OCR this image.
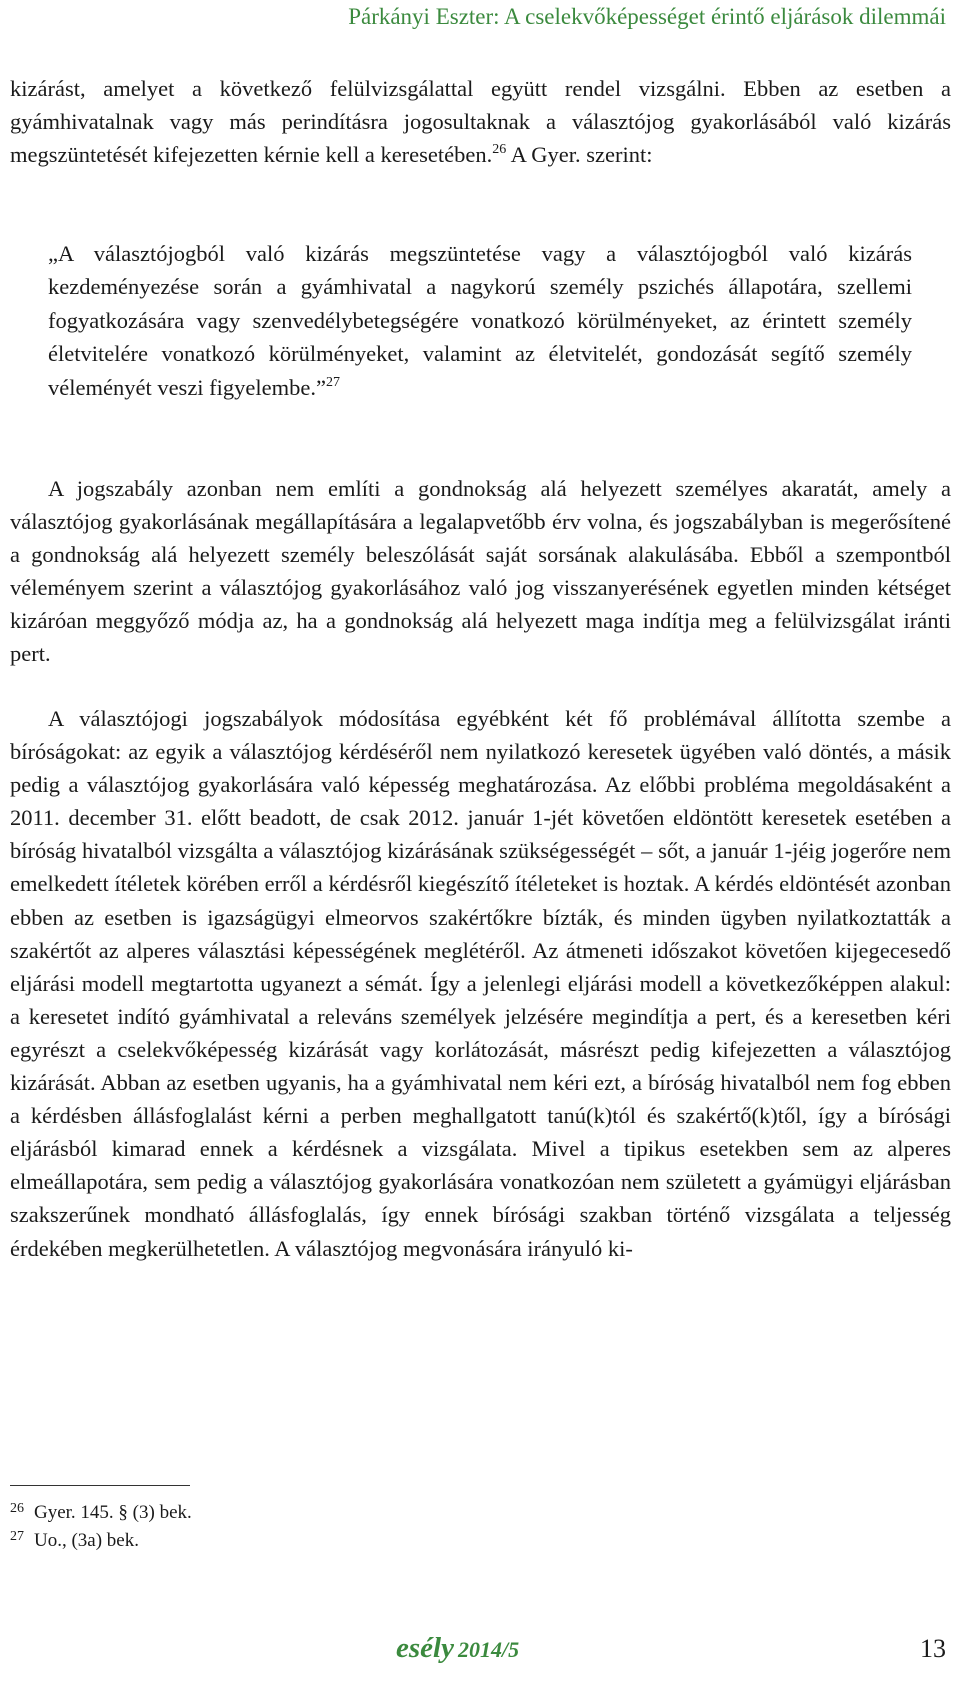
Párkányi Eszter: A cselekvőképességet érintő eljárások dilemmái

kizárást, amelyet a következő felülvizsgálattal együtt rendel vizsgálni. Ebben az esetben a gyámhivatalnak vagy más perindításra jogosultaknak a választójog gyakorlásából való kizárás megszüntetését kifejezetten kérnie kell a keresetében.$^{26}$ A Gyer. szerint:

„A választójogból való kizárás megszüntetése vagy a választójogból való kizárás kezdeményezése során a gyámhivatal a nagykorú személy pszichés állapotára, szellemi fogyatkozására vagy szenvedélybetegségére vonatkozó körülményeket, az érintett személy életvitelére vonatkozó körülményeket, valamint az életvitelét, gondozását segítő személy véleményét veszi figyelembe.”$^{27}$

A jogszabály azonban nem említi a gondnokság alá helyezett személyes akaratát, amely a választójog gyakorlásának megállapítására a legalapvetőbb érv volna, és jogszabályban is megerősítené a gondnokság alá helyezett személy beleszólását saját sorsának alakulásába. Ebből a szempontból véleményem szerint a választójog gyakorlásához való jog visszanyerésének egyetlen minden kétséget kizáróan meggyőző módja az, ha a gondnokság alá helyezett maga indítja meg a felülvizsgálat iránti pert.

A választójogi jogszabályok módosítása egyébként két fő problémával állította szembe a bíróságokat: az egyik a választójog kérdéséről nem nyilatkozó keresetek ügyében való döntés, a másik pedig a választójog gyakorlására való képesség meghatározása. Az előbbi probléma megoldásaként a 2011. december 31. előtt beadott, de csak 2012. január 1-jét követően eldöntött keresetek esetében a bíróság hivatalból vizsgálta a választójog kizárásának szükségességét – sőt, a január 1-jéig jogerőre nem emelkedett ítéletek körében erről a kérdésről kiegészítő ítéleteket is hoztak. A kérdés eldöntését azonban ebben az esetben is igazságügyi elmeorvos szakértőkre bízták, és minden ügyben nyilatkoztatták a szakértőt az alperes választási képességének meglétéről. Az átmeneti időszakot követően kijegecesedő eljárási modell megtartotta ugyanezt a sémát. Így a jelenlegi eljárási modell a következőképpen alakul: a keresetet indító gyámhivatal a releváns személyek jelzésére megindítja a pert, és a keresetben kéri egyrészt a cselekvőképesség kizárását vagy korlátozását, másrészt pedig kifejezetten a választójog kizárását. Abban az esetben ugyanis, ha a gyámhivatal nem kéri ezt, a bíróság hivatalból nem fog ebben a kérdésben állásfoglalást kérni a perben meghallgatott tanú(k)tól és szakértő(k)től, így a bírósági eljárásból kimarad ennek a kérdésnek a vizsgálata. Mivel a tipikus esetekben sem az alperes elmeállapotára, sem pedig a választójog gyakorlására vonatkozóan nem született a gyámügyi eljárásban szakszerűnek mondható állásfoglalás, így ennek bírósági szakban történő vizsgálata a teljesség érdekében megkerülhetetlen. A választójog megvonására irányuló ki-

26 Gyer. 145. § (3) bek.
27 Uo., (3a) bek.
esély 2014/5	13
